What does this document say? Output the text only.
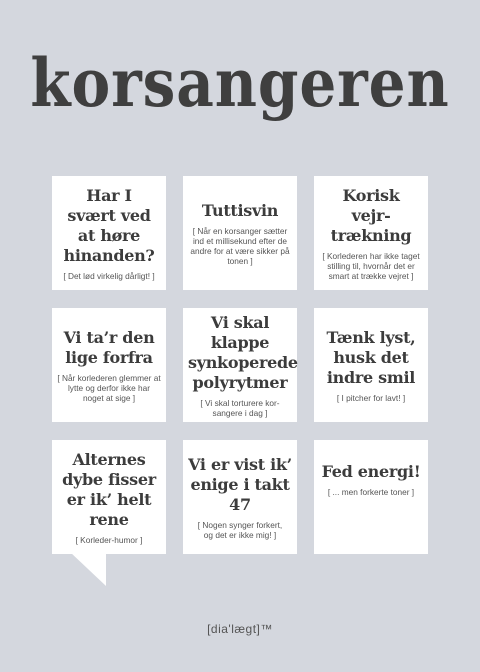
korsangeren
Har I svært ved at høre hinanden?
[ Det lød virkelig dårligt! ]
Tuttisvin
[ Når en korsanger sætter ind et millisekund efter de andre for at være sikker på tonen ]
Korisk vejr-trækning
[ Korlederen har ikke taget stilling til, hvornår det er smart at trække vejret ]
Vi ta’r den lige forfra
[ Når korlederen glemmer at lytte og derfor ikke har noget at sige ]
Vi skal klappe synkoperede polyrytmer
[ Vi skal torturere kor-sangere i dag ]
Tænk lyst, husk det indre smil
[ I pitcher for lavt! ]
Alternes dybe fisser er ik’ helt rene
[ Korleder-humor ]
Vi er vist ik’ enige i takt 47
[ Nogen synger forkert, og det er ikke mig! ]
Fed energi!
[ ... men forkerte toner ]
[dia'lægt]™
